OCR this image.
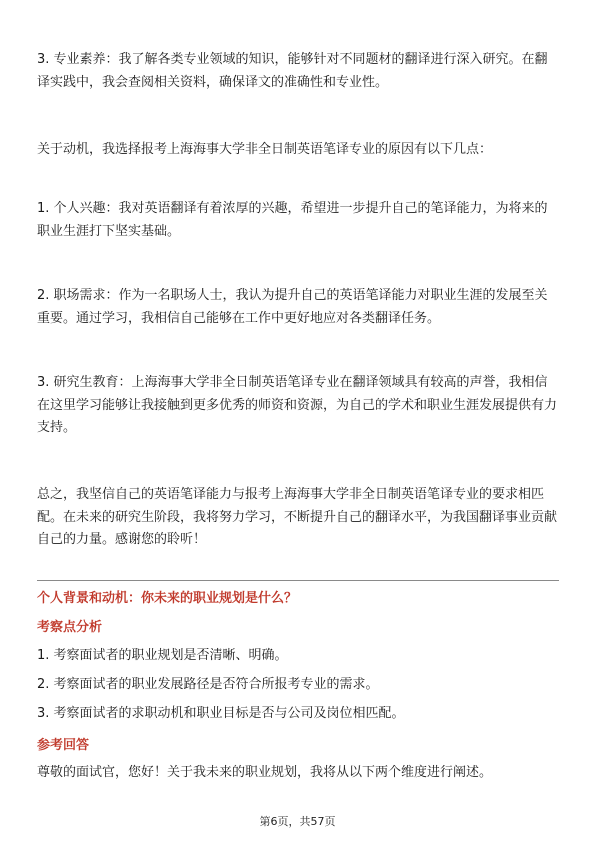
3. 专业素养：我了解各类专业领域的知识，能够针对不同题材的翻译进行深入研究。在翻译实践中，我会查阅相关资料，确保译文的准确性和专业性。

关于动机，我选择报考上海海事大学非全日制英语笔译专业的原因有以下几点：

1. 个人兴趣：我对英语翻译有着浓厚的兴趣，希望进一步提升自己的笔译能力，为将来的职业生涯打下坚实基础。

2. 职场需求：作为一名职场人士，我认为提升自己的英语笔译能力对职业生涯的发展至关重要。通过学习，我相信自己能够在工作中更好地应对各类翻译任务。

3. 研究生教育：上海海事大学非全日制英语笔译专业在翻译领域具有较高的声誉，我相信在这里学习能够让我接触到更多优秀的师资和资源，为自己的学术和职业生涯发展提供有力支持。

总之，我坚信自己的英语笔译能力与报考上海海事大学非全日制英语笔译专业的要求相匹配。在未来的研究生阶段，我将努力学习，不断提升自己的翻译水平，为我国翻译事业贡献自己的力量。感谢您的聆听！

个人背景和动机：你未来的职业规划是什么？
考察点分析
1. 考察面试者的职业规划是否清晰、明确。
2. 考察面试者的职业发展路径是否符合所报考专业的需求。
3. 考察面试者的求职动机和职业目标是否与公司及岗位相匹配。
参考回答
尊敬的面试官，您好！关于我未来的职业规划，我将从以下两个维度进行阐述。
第6页，共57页
